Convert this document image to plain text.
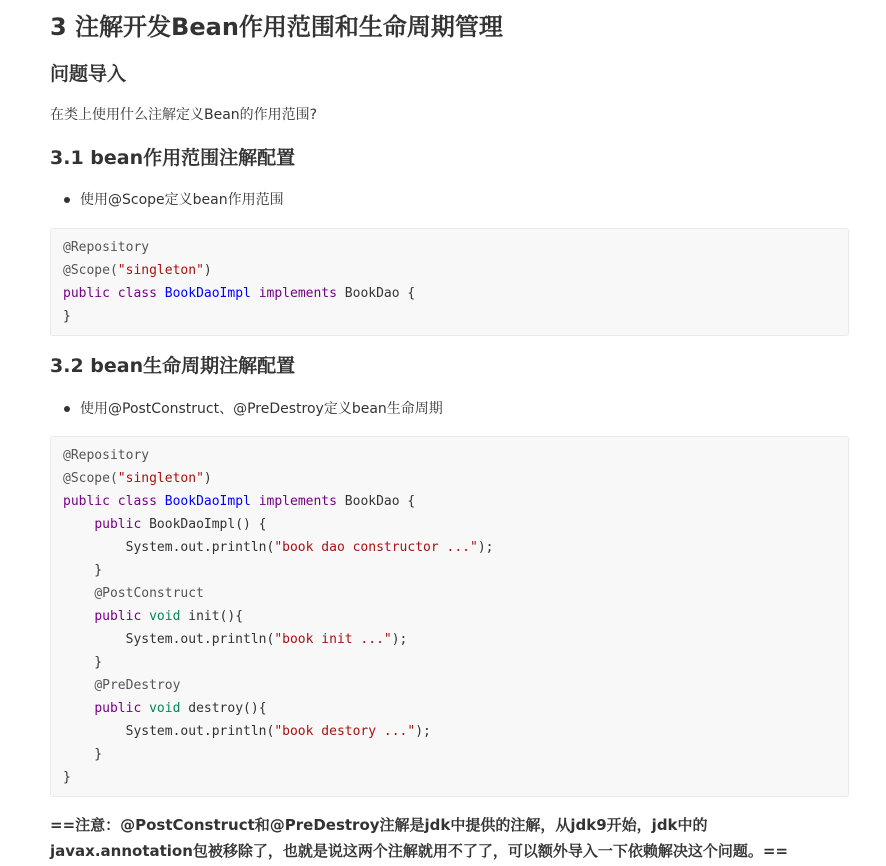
3 注解开发Bean作用范围和生命周期管理
问题导入

在类上使用什么注解定义Bean的作用范围?

3.1 bean作用范围注解配置

使用@Scope定义bean作用范围

@Repository
@Scope("singleton")
public class BookDaoImpl implements BookDao {
}
3.2 bean生命周期注解配置

使用@PostConstruct、@PreDestroy定义bean生命周期

@Repository
@Scope("singleton")
public class BookDaoImpl implements BookDao {
public BookDaoImpl() {
System.out.println("book dao constructor ...");
}
@PostConstruct
public void init(){
System.out.println("book init ...");
}
@PreDestroy
public void destroy(){
System.out.println("book destory ...");
}
}

==注意：@PostConstruct和@PreDestroy注解是jdk中提供的注解，从jdk9开始，jdk中的javax.annotation包被移除了，也就是说这两个注解就用不了了，可以额外导入一下依赖解决这个问题。==
